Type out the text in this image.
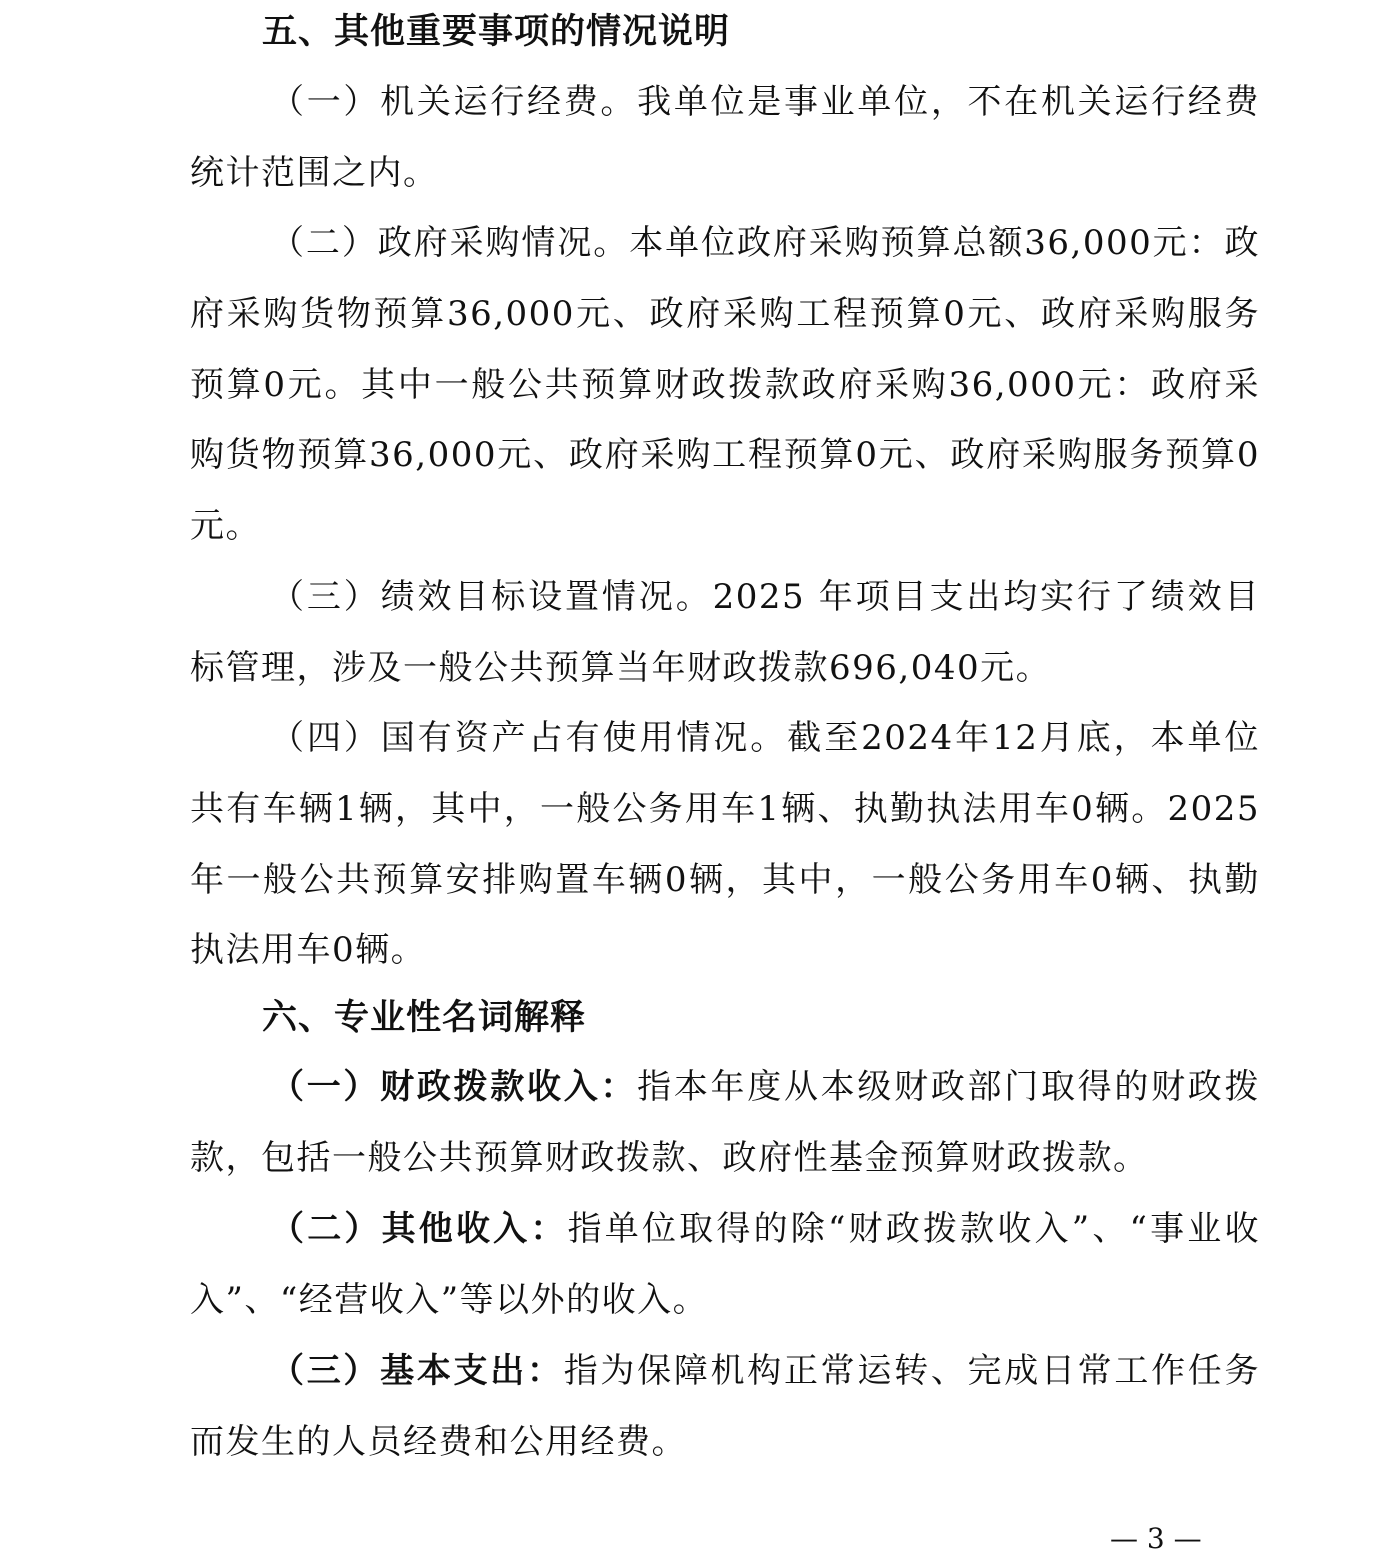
五、其他重要事项的情况说明

（一）机关运行经费。我单位是事业单位，不在机关运行经费统计范围之内。

（二）政府采购情况。本单位政府采购预算总额36,000元：政府采购货物预算36,000元、政府采购工程预算0元、政府采购服务预算0元。其中一般公共预算财政拨款政府采购36,000元：政府采购货物预算36,000元、政府采购工程预算0元、政府采购服务预算0元。

（三）绩效目标设置情况。2025 年项目支出均实行了绩效目标管理，涉及一般公共预算当年财政拨款696,040元。

（四）国有资产占有使用情况。截至2024年12月底，本单位共有车辆1辆，其中，一般公务用车1辆、执勤执法用车0辆。2025年一般公共预算安排购置车辆0辆，其中，一般公务用车0辆、执勤执法用车0辆。

六、专业性名词解释

（一）财政拨款收入：指本年度从本级财政部门取得的财政拨款，包括一般公共预算财政拨款、政府性基金预算财政拨款。

（二）其他收入：指单位取得的除“财政拨款收入”、“事业收入”、“经营收入”等以外的收入。

（三）基本支出：指为保障机构正常运转、完成日常工作任务而发生的人员经费和公用经费。

— 3 —
